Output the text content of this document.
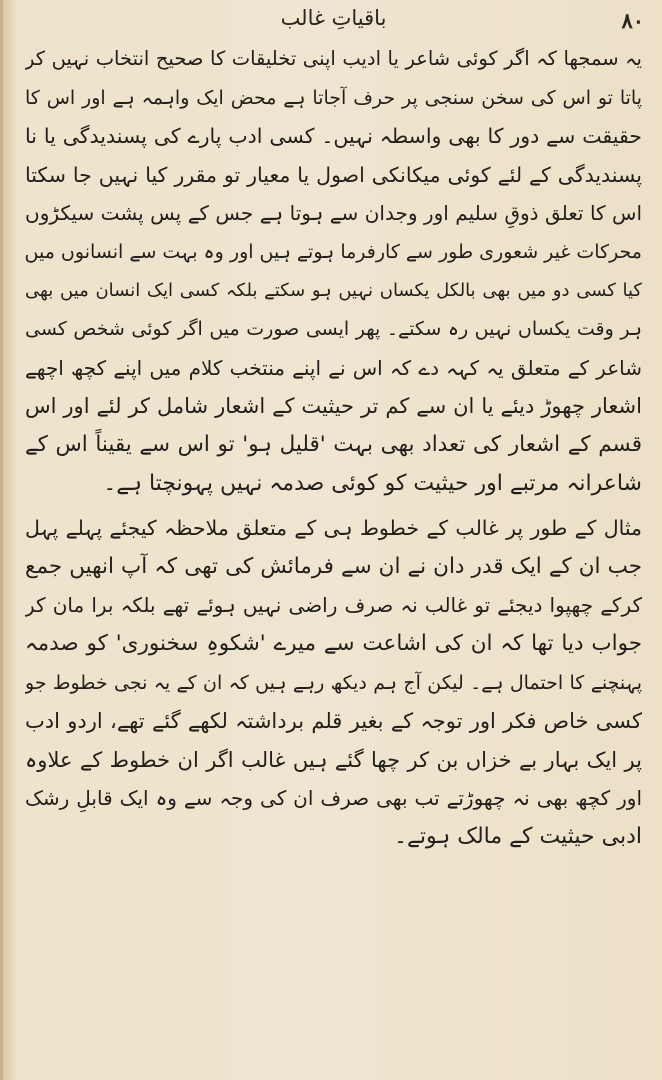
۸۰
باقیاتِ غالب
یہ سمجھا کہ اگر کوئی شاعر یا ادیب اپنی تخلیقات کا صحیح انتخاب نہیں کر
پاتا تو اس کی سخن سنجی پر حرف آجاتا ہے محض ایک واہمہ ہے اور اس کا
حقیقت سے دور کا بھی واسطہ نہیں۔ کسی ادب پارے کی پسندیدگی یا نا
پسندیدگی کے لئے کوئی میکانکی اصول یا معیار تو مقرر کیا نہیں جا سکتا
اس کا تعلق ذوقِ سلیم اور وجدان سے ہوتا ہے جس کے پس پشت سیکڑوں
محرکات غیر شعوری طور سے کارفرما ہوتے ہیں اور وہ بہت سے انسانوں میں
کیا کسی دو میں بھی بالکل یکساں نہیں ہو سکتے بلکہ کسی ایک انسان میں بھی
ہر وقت یکساں نہیں رہ سکتے۔ پھر ایسی صورت میں اگر کوئی شخص کسی
شاعر کے متعلق یہ کہہ دے کہ اس نے اپنے منتخب کلام میں اپنے کچھ اچھے
اشعار چھوڑ دیئے یا ان سے کم تر حیثیت کے اشعار شامل کر لئے اور اس
قسم کے اشعار کی تعداد بھی بہت 'قلیل ہو' تو اس سے یقیناً اس کے
شاعرانہ مرتبے اور حیثیت کو کوئی صدمہ نہیں پہونچتا ہے۔
مثال کے طور پر غالب کے خطوط ہی کے متعلق ملاحظہ کیجئے پہلے پہل
جب ان کے ایک قدر دان نے ان سے فرمائش کی تھی کہ آپ انھیں جمع
کرکے چھپوا دیجئے تو غالب نہ صرف راضی نہیں ہوئے تھے بلکہ برا مان کر
جواب دیا تھا کہ ان کی اشاعت سے میرے 'شکوہِ سخنوری' کو صدمہ
پہنچنے کا احتمال ہے۔ لیکن آج ہم دیکھ رہے ہیں کہ ان کے یہ نجی خطوط جو
کسی خاص فکر اور توجہ کے بغیر قلم برداشتہ لکھے گئے تھے، اردو ادب
پر ایک بہار بے خزاں بن کر چھا گئے ہیں غالب اگر ان خطوط کے علاوہ
اور کچھ بھی نہ چھوڑتے تب بھی صرف ان کی وجہ سے وہ ایک قابلِ رشک
ادبی حیثیت کے مالک ہوتے۔
